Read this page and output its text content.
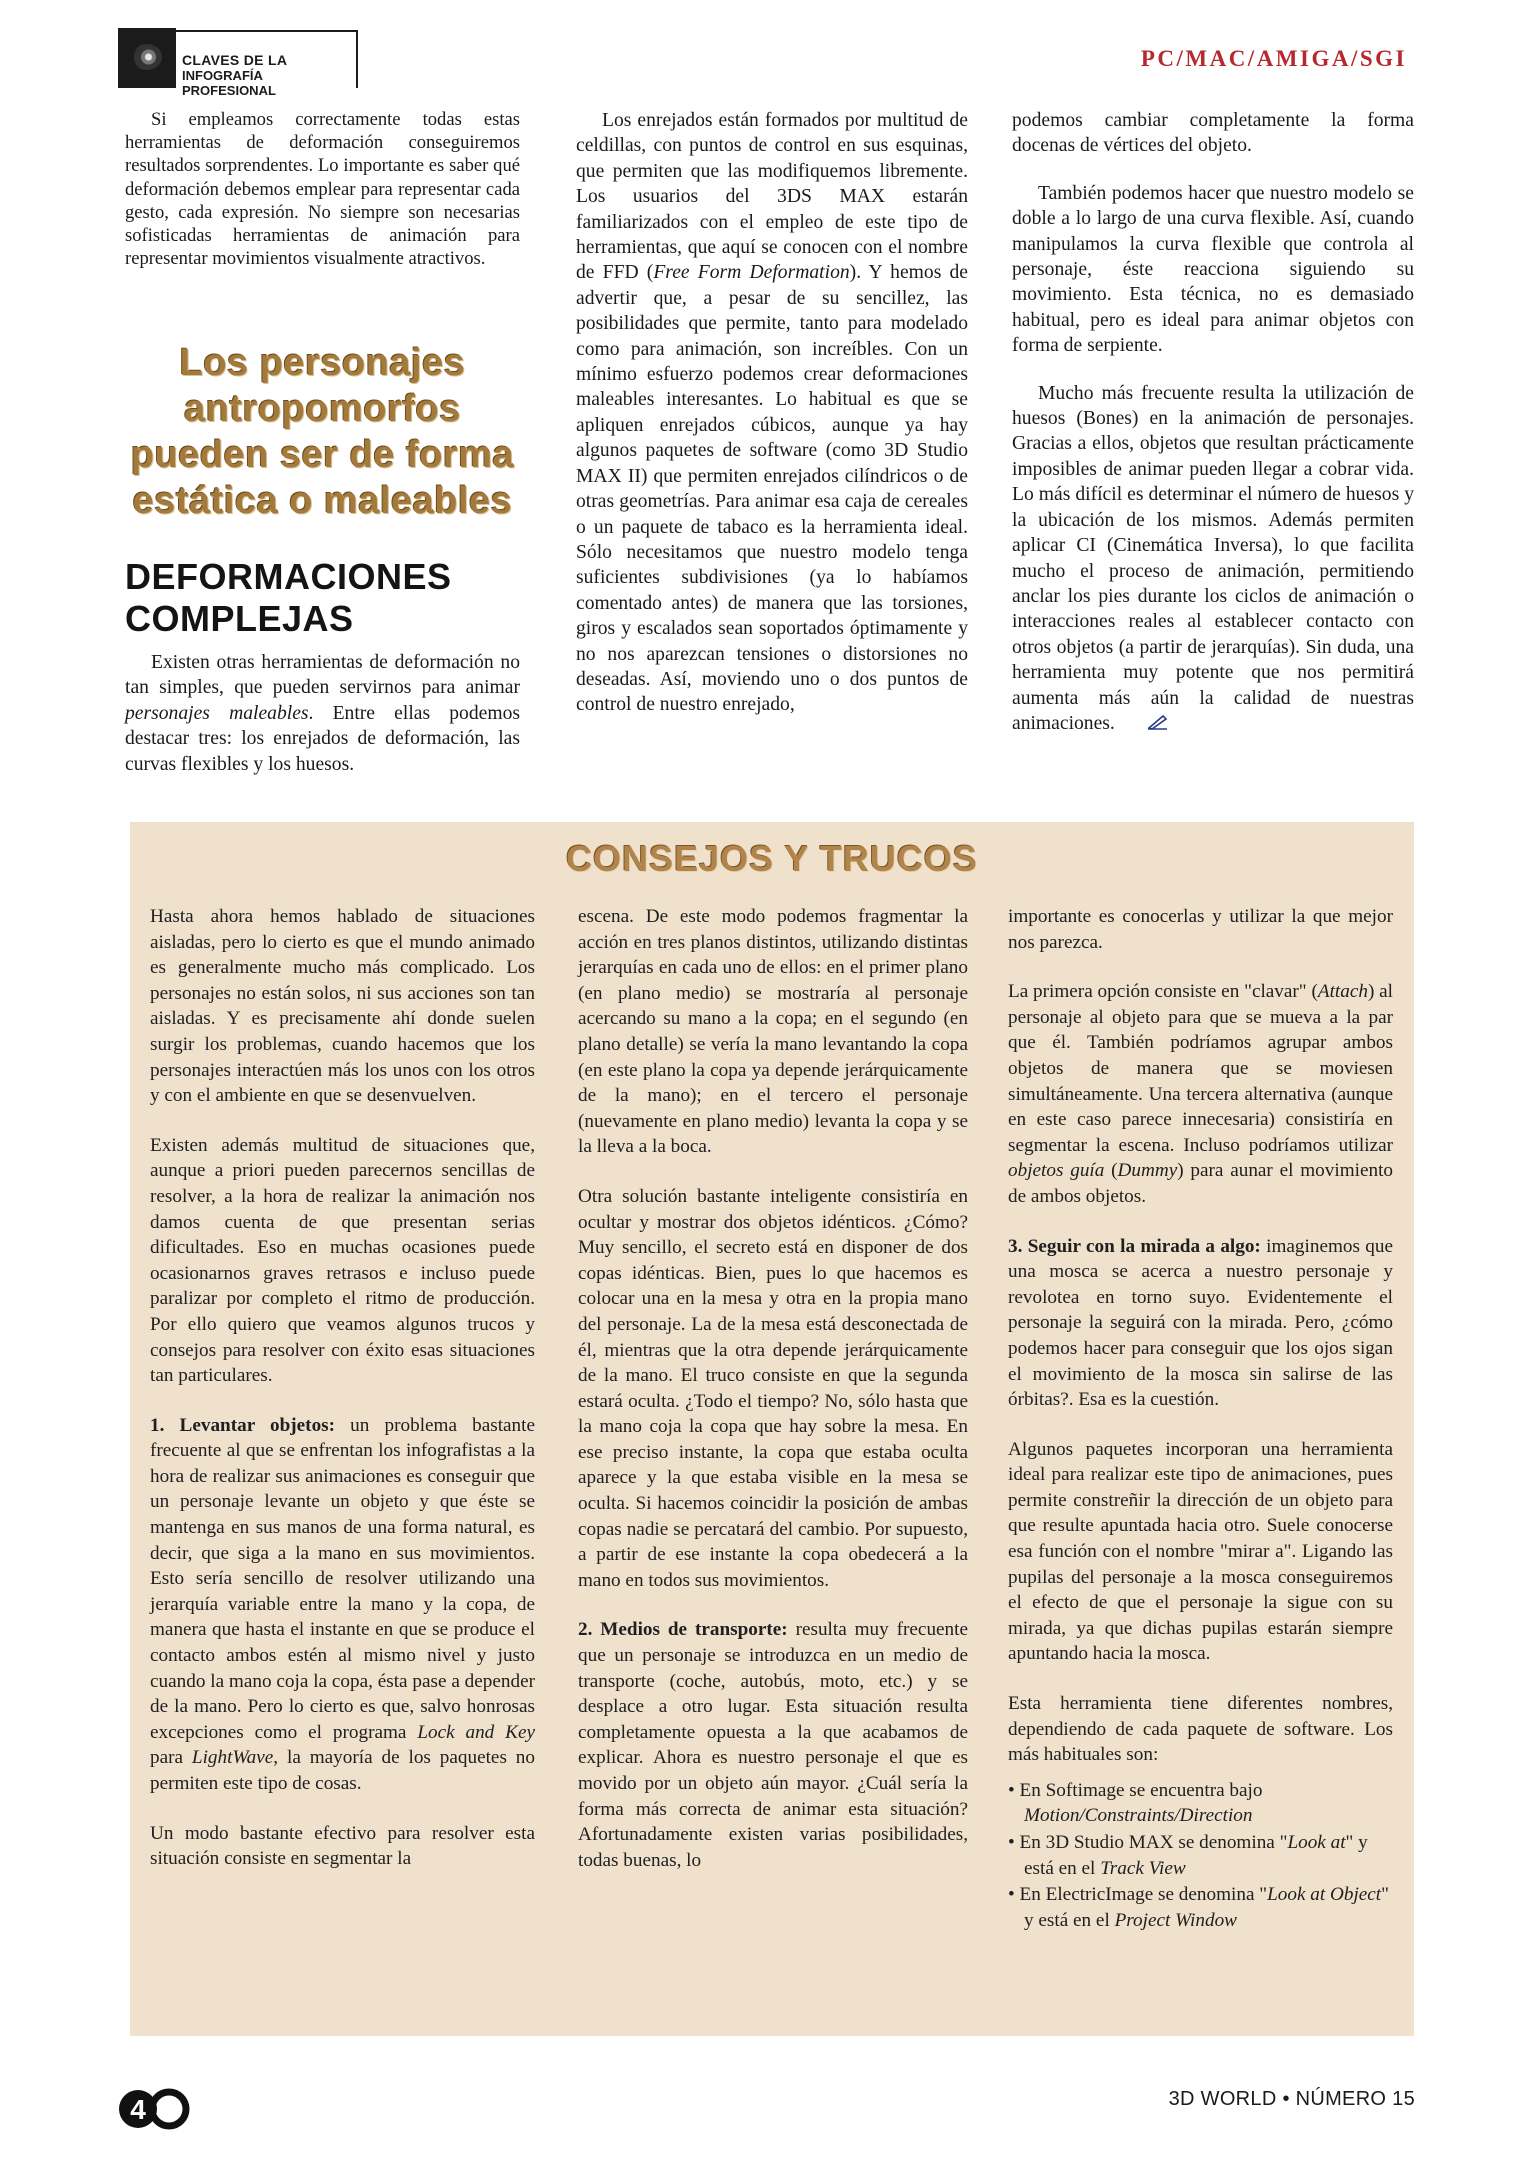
CLAVES DE LA
INFOGRAFÍA PROFESIONAL
PC/MAC/AMIGA/SGI

Si empleamos correctamente todas estas herramientas de deformación conseguiremos resultados sorprendentes. Lo importante es saber qué deformación debemos emplear para representar cada gesto, cada expresión. No siempre son necesarias sofisticadas herramientas de animación para representar movimientos visualmente atractivos.

Los personajes antropomorfos pueden ser de forma estática o maleables
DEFORMACIONES
COMPLEJAS

Existen otras herramientas de deformación no tan simples, que pueden servirnos para animar personajes maleables. Entre ellas podemos destacar tres: los enrejados de deformación, las curvas flexibles y los huesos.

Los enrejados están formados por multitud de celdillas, con puntos de control en sus esquinas, que permiten que las modifiquemos libremente. Los usuarios del 3DS MAX estarán familiarizados con el empleo de este tipo de herramientas, que aquí se conocen con el nombre de FFD (Free Form Deformation). Y hemos de advertir que, a pesar de su sencillez, las posibilidades que permite, tanto para modelado como para animación, son increíbles. Con un mínimo esfuerzo podemos crear deformaciones maleables interesantes. Lo habitual es que se apliquen enrejados cúbicos, aunque ya hay algunos paquetes de software (como 3D Studio MAX II) que permiten enrejados cilíndricos o de otras geometrías. Para animar esa caja de cereales o un paquete de tabaco es la herramienta ideal. Sólo necesitamos que nuestro modelo tenga suficientes subdivisiones (ya lo habíamos comentado antes) de manera que las torsiones, giros y escalados sean soportados óptimamente y no nos aparezcan tensiones o distorsiones no deseadas. Así, moviendo uno o dos puntos de control de nuestro enrejado,

podemos cambiar completamente la forma docenas de vértices del objeto.

También podemos hacer que nuestro modelo se doble a lo largo de una curva flexible. Así, cuando manipulamos la curva flexible que controla al personaje, éste reacciona siguiendo su movimiento. Esta técnica, no es demasiado habitual, pero es ideal para animar objetos con forma de serpiente.

Mucho más frecuente resulta la utilización de huesos (Bones) en la animación de personajes. Gracias a ellos, objetos que resultan prácticamente imposibles de animar pueden llegar a cobrar vida. Lo más difícil es determinar el número de huesos y la ubicación de los mismos. Además permiten aplicar CI (Cinemática Inversa), lo que facilita mucho el proceso de animación, permitiendo anclar los pies durante los ciclos de animación o interacciones reales al establecer contacto con otros objetos (a partir de jerarquías). Sin duda, una herramienta muy potente que nos permitirá aumenta más aún la calidad de nuestras animaciones.

CONSEJOS Y TRUCOS

Hasta ahora hemos hablado de situaciones aisladas, pero lo cierto es que el mundo animado es generalmente mucho más complicado. Los personajes no están solos, ni sus acciones son tan aisladas. Y es precisamente ahí donde suelen surgir los problemas, cuando hacemos que los personajes interactúen más los unos con los otros y con el ambiente en que se desenvuelven.

Existen además multitud de situaciones que, aunque a priori pueden parecernos sencillas de resolver, a la hora de realizar la animación nos damos cuenta de que presentan serias dificultades. Eso en muchas ocasiones puede ocasionarnos graves retrasos e incluso puede paralizar por completo el ritmo de producción. Por ello quiero que veamos algunos trucos y consejos para resolver con éxito esas situaciones tan particulares.

1. Levantar objetos: un problema bastante frecuente al que se enfrentan los infografistas a la hora de realizar sus animaciones es conseguir que un personaje levante un objeto y que éste se mantenga en sus manos de una forma natural, es decir, que siga a la mano en sus movimientos. Esto sería sencillo de resolver utilizando una jerarquía variable entre la mano y la copa, de manera que hasta el instante en que se produce el contacto ambos estén al mismo nivel y justo cuando la mano coja la copa, ésta pase a depender de la mano. Pero lo cierto es que, salvo honrosas excepciones como el programa Lock and Key para LightWave, la mayoría de los paquetes no permiten este tipo de cosas.

Un modo bastante efectivo para resolver esta situación consiste en segmentar la

escena. De este modo podemos fragmentar la acción en tres planos distintos, utilizando distintas jerarquías en cada uno de ellos: en el primer plano (en plano medio) se mostraría al personaje acercando su mano a la copa; en el segundo (en plano detalle) se vería la mano levantando la copa (en este plano la copa ya depende jerárquicamente de la mano); en el tercero el personaje (nuevamente en plano medio) levanta la copa y se la lleva a la boca.

Otra solución bastante inteligente consistiría en ocultar y mostrar dos objetos idénticos. ¿Cómo? Muy sencillo, el secreto está en disponer de dos copas idénticas. Bien, pues lo que hacemos es colocar una en la mesa y otra en la propia mano del personaje. La de la mesa está desconectada de él, mientras que la otra depende jerárquicamente de la mano. El truco consiste en que la segunda estará oculta. ¿Todo el tiempo? No, sólo hasta que la mano coja la copa que hay sobre la mesa. En ese preciso instante, la copa que estaba oculta aparece y la que estaba visible en la mesa se oculta. Si hacemos coincidir la posición de ambas copas nadie se percatará del cambio. Por supuesto, a partir de ese instante la copa obedecerá a la mano en todos sus movimientos.

2. Medios de transporte: resulta muy frecuente que un personaje se introduzca en un medio de transporte (coche, autobús, moto, etc.) y se desplace a otro lugar. Esta situación resulta completamente opuesta a la que acabamos de explicar. Ahora es nuestro personaje el que es movido por un objeto aún mayor. ¿Cuál sería la forma más correcta de animar esta situación? Afortunadamente existen varias posibilidades, todas buenas, lo

importante es conocerlas y utilizar la que mejor nos parezca.

La primera opción consiste en "clavar" (Attach) al personaje al objeto para que se mueva a la par que él. También podríamos agrupar ambos objetos de manera que se moviesen simultáneamente. Una tercera alternativa (aunque en este caso parece innecesaria) consistiría en segmentar la escena. Incluso podríamos utilizar objetos guía (Dummy) para aunar el movimiento de ambos objetos.

3. Seguir con la mirada a algo: imaginemos que una mosca se acerca a nuestro personaje y revolotea en torno suyo. Evidentemente el personaje la seguirá con la mirada. Pero, ¿cómo podemos hacer para conseguir que los ojos sigan el movimiento de la mosca sin salirse de las órbitas?. Esa es la cuestión.

Algunos paquetes incorporan una herramienta ideal para realizar este tipo de animaciones, pues permite constreñir la dirección de un objeto para que resulte apuntada hacia otro. Suele conocerse esa función con el nombre "mirar a". Ligando las pupilas del personaje a la mosca conseguiremos el efecto de que el personaje la sigue con su mirada, ya que dichas pupilas estarán siempre apuntando hacia la mosca.

Esta herramienta tiene diferentes nombres, dependiendo de cada paquete de software. Los más habituales son:

• En Softimage se encuentra bajo Motion/Constraints/Direction
• En 3D Studio MAX se denomina "Look at" y está en el Track View
• En ElectricImage se denomina "Look at Object" y está en el Project Window
4	3D WORLD • NÚMERO 15
